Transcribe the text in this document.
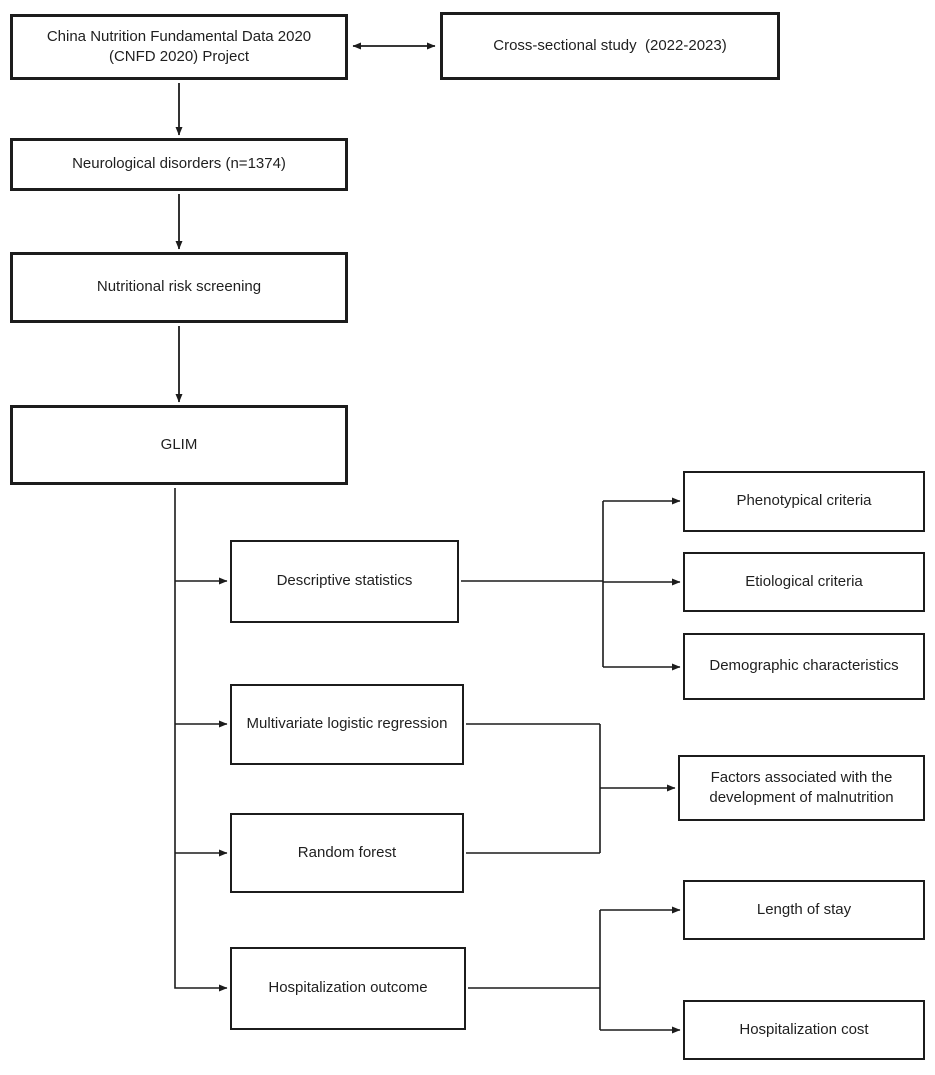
China Nutrition Fundamental Data 2020 (CNFD 2020) Project
Cross-sectional study  (2022-2023)
Neurological disorders (n=1374)
Nutritional risk screening
GLIM
Descriptive statistics
Multivariate logistic regression
Random forest
Hospitalization outcome
Phenotypical criteria
Etiological criteria
Demographic characteristics
Factors associated with the development of malnutrition
Length of stay
Hospitalization cost
